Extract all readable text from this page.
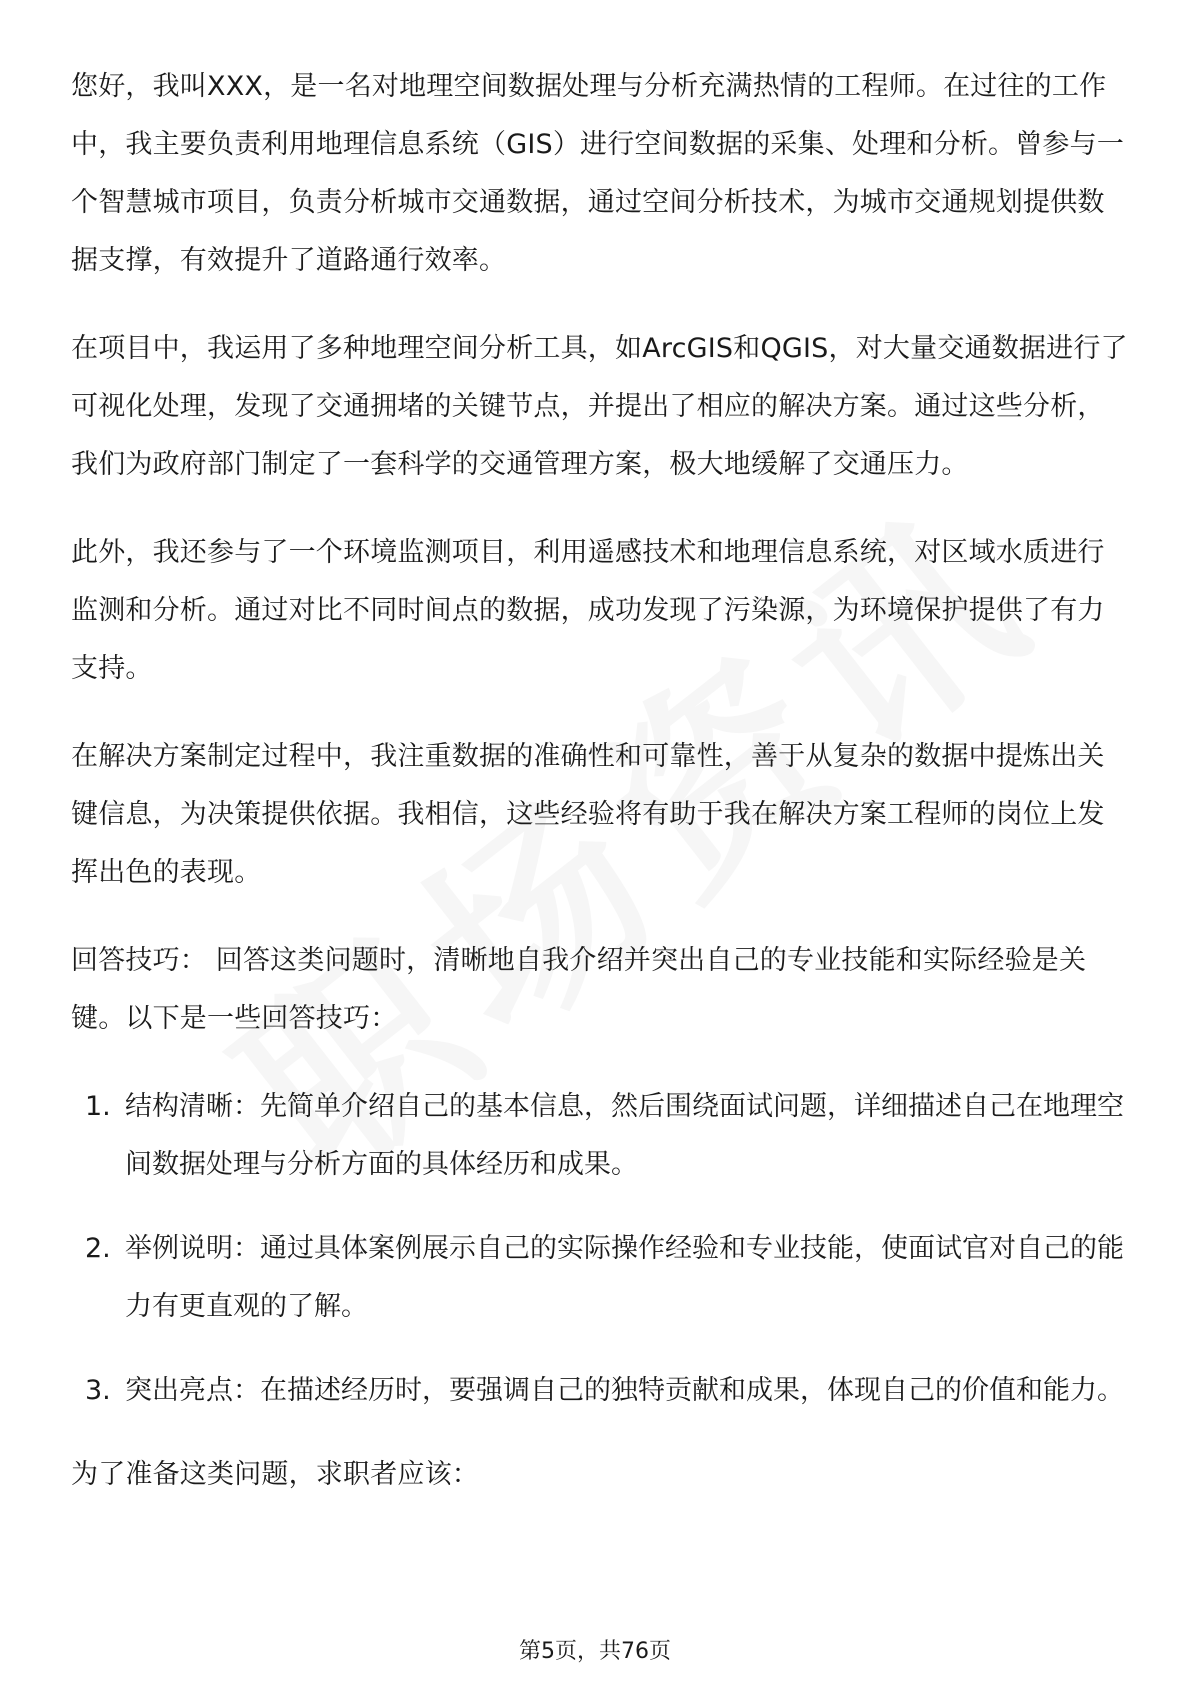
您好，我叫XXX，是一名对地理空间数据处理与分析充满热情的工程师。在过往的工作中，我主要负责利用地理信息系统（GIS）进行空间数据的采集、处理和分析。曾参与一个智慧城市项目，负责分析城市交通数据，通过空间分析技术，为城市交通规划提供数据支撑，有效提升了道路通行效率。

在项目中，我运用了多种地理空间分析工具，如ArcGIS和QGIS，对大量交通数据进行了可视化处理，发现了交通拥堵的关键节点，并提出了相应的解决方案。通过这些分析，我们为政府部门制定了一套科学的交通管理方案，极大地缓解了交通压力。

此外，我还参与了一个环境监测项目，利用遥感技术和地理信息系统，对区域水质进行监测和分析。通过对比不同时间点的数据，成功发现了污染源，为环境保护提供了有力支持。

在解决方案制定过程中，我注重数据的准确性和可靠性，善于从复杂的数据中提炼出关键信息，为决策提供依据。我相信，这些经验将有助于我在解决方案工程师的岗位上发挥出色的表现。

回答技巧： 回答这类问题时，清晰地自我介绍并突出自己的专业技能和实际经验是关键。以下是一些回答技巧：

1. 结构清晰：先简单介绍自己的基本信息，然后围绕面试问题，详细描述自己在地理空间数据处理与分析方面的具体经历和成果。
2. 举例说明：通过具体案例展示自己的实际操作经验和专业技能，使面试官对自己的能力有更直观的了解。
3. 突出亮点：在描述经历时，要强调自己的独特贡献和成果，体现自己的价值和能力。

为了准备这类问题，求职者应该：

第5页，共76页
